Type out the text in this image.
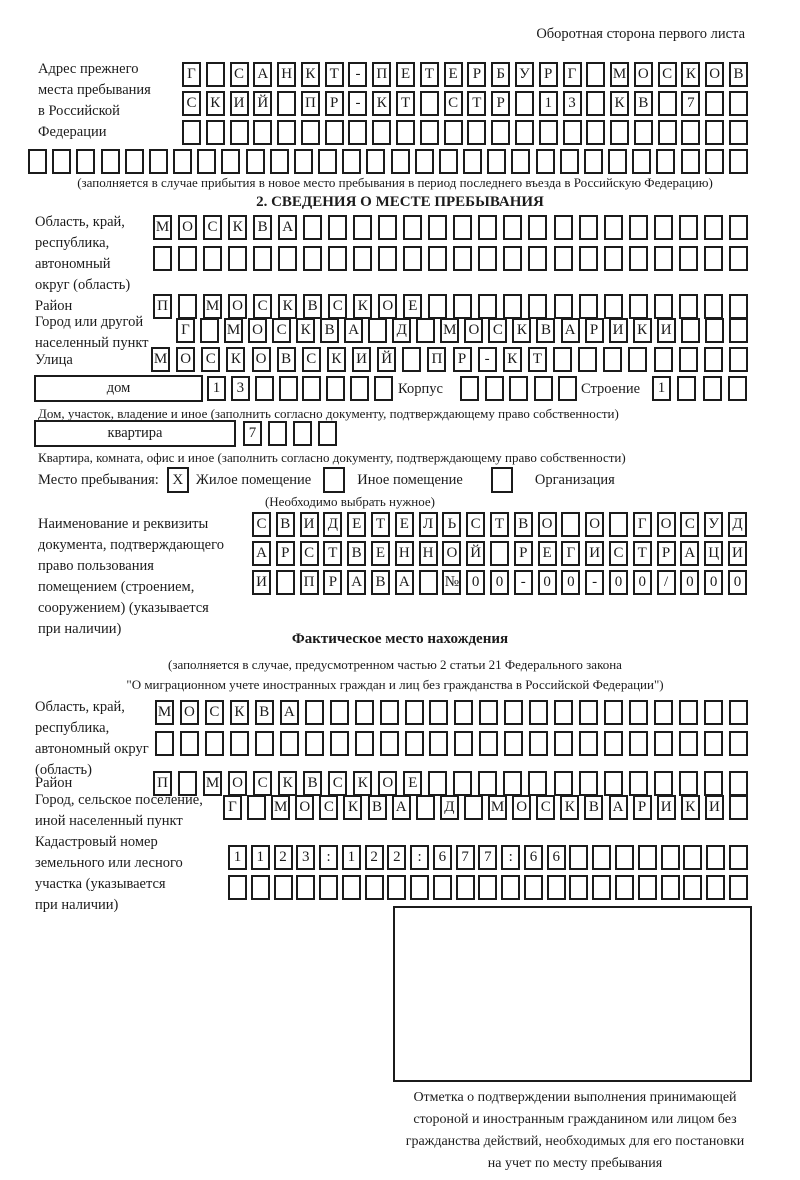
Оборотная сторона первого листа
Адрес прежнего
места пребывания
в Российской
Федерации
Г	С А Н К Т	-	П Е Т Е	Р	Б У Р	Г	М О С К О В
С К И Й П Р	-	К Т	С Т	Р	1	3	К В	7
(заполняется в случае прибытия в новое место пребывания в период последнего въезда в Российскую Федерацию)
2. СВЕДЕНИЯ О МЕСТЕ ПРЕБЫВАНИЯ
Область, край,
республика,
автономный
округ (область)
М О С	К	В А
Район	П	М О С	К	В	С	К О	Е
Город или другой
населенный пункт
Г	М О С К В А	Д М О С К В А Р И К И
Улица	М О С	К О В	С	К И Й	П	Р	-	К	Т
дом	1	3	Корпус	Строение	1
Дом, участок, владение и иное (заполнить согласно документу, подтверждающему право собственности)
квартира	7
Квартира, комната, офис и иное (заполнить согласно документу, подтверждающему право собственности)
Место пребывания: X Жилое помещение	Иное помещение	Организация
(Необходимо выбрать нужное)
Наименование и реквизиты
документа, подтверждающего
право пользования
помещением (строением,
сооружением) (указывается
при наличии)
С В И Д Е Т Е Л Ь С Т В О О	Г О С У Д
А Р С Т В Е Н Н О Й	Р	Е Г И С Т	Р А Ц И
И П Р А В А № 0	0	-	0	0	-	0	0	/	0	0	0
Фактическое место нахождения
(заполняется в случае, предусмотренном частью 2 статьи 21 Федерального закона
"О миграционном учете иностранных граждан и лиц без гражданства в Российской Федерации")
Область, край,
республика,
автономный округ
(область)
М О С К В А
Район	П	М О С	К	В	С	К О	Е
Город, сельское поселение,
иной населенный пункт
Г	М О С К В А	Д М О С К В А Р И К И
Кадастровый номер
земельного или лесного
участка (указывается
при наличии)
1	1	2	3	:	1	2	2	:	6	7	7	:	6	6
Отметка о подтверждении выполнения принимающей
стороной и иностранным гражданином или лицом без
гражданства действий, необходимых для его постановки
на учет по месту пребывания
